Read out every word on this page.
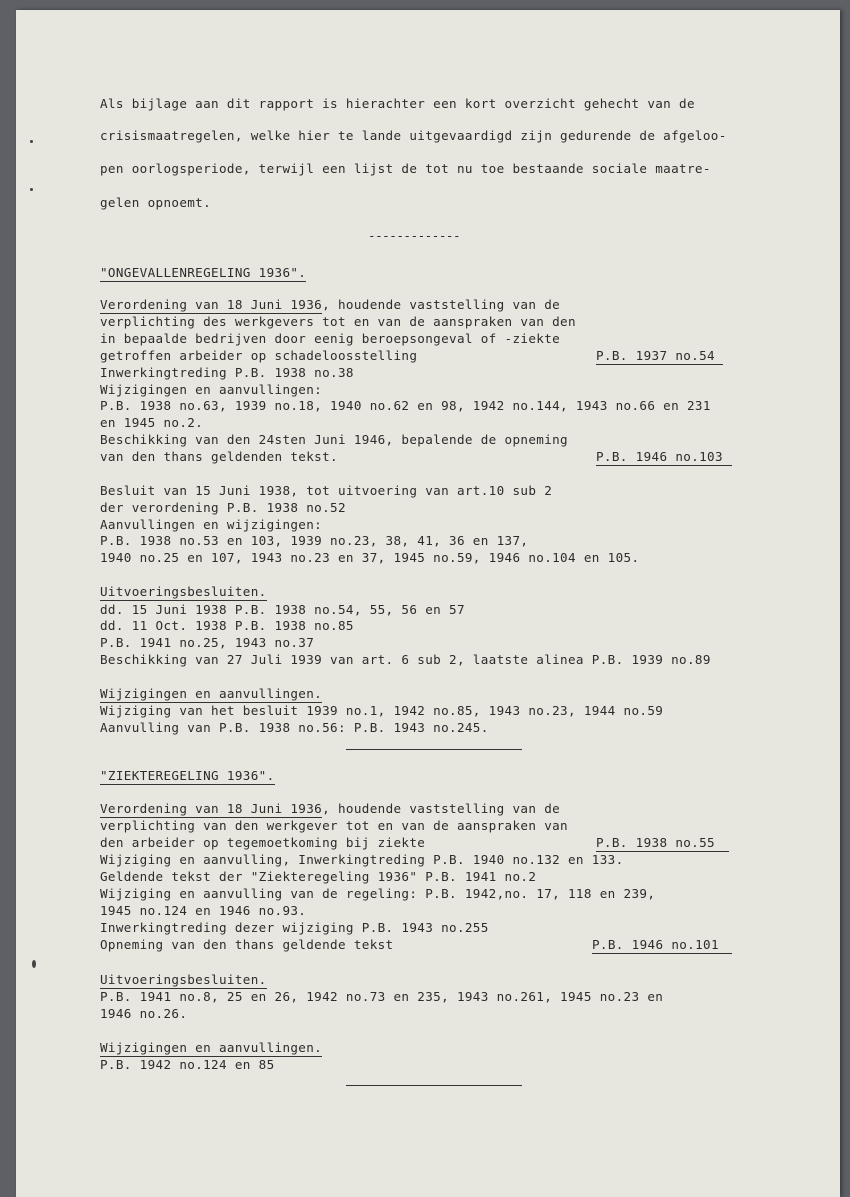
Als bijlage aan dit rapport is hierachter een kort overzicht gehecht van de
crisismaatregelen, welke hier te lande uitgevaardigd zijn gedurende de afgeloo-
pen oorlogsperiode, terwijl een lijst de tot nu toe bestaande sociale maatre-
gelen opnoemt.
-------------
"ONGEVALLENREGELING 1936".
Verordening van 18 Juni 1936, houdende vaststelling van de
verplichting des werkgevers tot en van de aanspraken van den
in bepaalde bedrijven door eenig beroepsongeval of -ziekte
getroffen arbeider op schadeloosstelling	P.B. 1937 no.54
Inwerkingtreding P.B. 1938 no.38
Wijzigingen en aanvullingen:
P.B. 1938 no.63, 1939 no.18, 1940 no.62 en 98, 1942 no.144, 1943 no.66 en 231
en 1945 no.2.
Beschikking van den 24sten Juni 1946, bepalende de opneming
van den thans geldenden tekst.	P.B. 1946 no.103
Besluit van 15 Juni 1938, tot uitvoering van art.10 sub 2
der verordening P.B. 1938 no.52
Aanvullingen en wijzigingen:
P.B. 1938 no.53 en 103, 1939 no.23, 38, 41, 36 en 137,
1940 no.25 en 107, 1943 no.23 en 37, 1945 no.59, 1946 no.104 en 105.
Uitvoeringsbesluiten.
dd. 15 Juni 1938 P.B. 1938 no.54, 55, 56 en 57
dd. 11 Oct. 1938 P.B. 1938 no.85
P.B. 1941 no.25, 1943 no.37
Beschikking van 27 Juli 1939 van art. 6 sub 2, laatste alinea P.B. 1939 no.89
Wijzigingen en aanvullingen.
Wijziging van het besluit 1939 no.1, 1942 no.85, 1943 no.23, 1944 no.59
Aanvulling van P.B. 1938 no.56: P.B. 1943 no.245.
"ZIEKTEREGELING 1936".
Verordening van 18 Juni 1936, houdende vaststelling van de
verplichting van den werkgever tot en van de aanspraken van
den arbeider op tegemoetkoming bij ziekte	P.B. 1938 no.55
Wijziging en aanvulling, Inwerkingtreding P.B. 1940 no.132 en 133.
Geldende tekst der "Ziekteregeling 1936" P.B. 1941 no.2
Wijziging en aanvulling van de regeling: P.B. 1942,no. 17, 118 en 239,
1945 no.124 en 1946 no.93.
Inwerkingtreding dezer wijziging P.B. 1943 no.255
Opneming van den thans geldende tekst	P.B. 1946 no.101
Uitvoeringsbesluiten.
P.B. 1941 no.8, 25 en 26, 1942 no.73 en 235, 1943 no.261, 1945 no.23 en
1946 no.26.
Wijzigingen en aanvullingen.
P.B. 1942 no.124 en 85
